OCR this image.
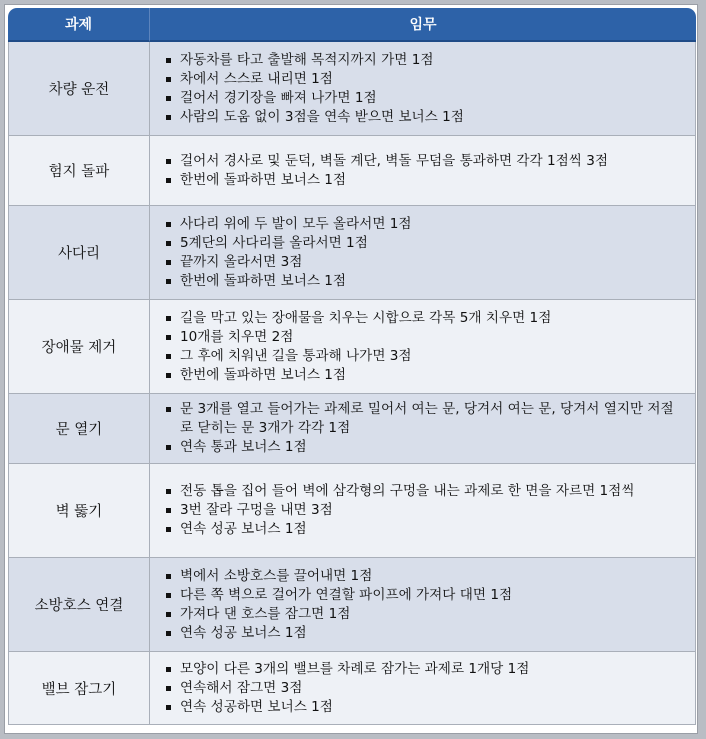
과제	임무
차량 운전
자동차를 타고 출발해 목적지까지 가면 1점
차에서 스스로 내리면 1점
걸어서 경기장을 빠져 나가면 1점
사람의 도움 없이 3점을 연속 받으면 보너스 1점
험지 돌파
걸어서 경사로 및 둔덕, 벽돌 계단, 벽돌 무덤을 통과하면 각각 1점씩 3점
한번에 돌파하면 보너스 1점
사다리
사다리 위에 두 발이 모두 올라서면 1점
5계단의 사다리를 올라서면 1점
끝까지 올라서면 3점
한번에 돌파하면 보너스 1점
장애물 제거
길을 막고 있는 장애물을 치우는 시합으로 각목 5개 치우면 1점
10개를 치우면 2점
그 후에 치워낸 길을 통과해 나가면 3점
한번에 돌파하면 보너스 1점
문 열기
문 3개를 열고 들어가는 과제로 밀어서 여는 문, 당겨서 여는 문, 당겨서 열지만 저절로 닫히는 문 3개가 각각 1점
연속 통과 보너스 1점
벽 뚫기
전동 톱을 집어 들어 벽에 삼각형의 구멍을 내는 과제로 한 면을 자르면 1점씩
3번 잘라 구멍을 내면 3점
연속 성공 보너스 1점
소방호스 연결
벽에서 소방호스를 끌어내면 1점
다른 쪽 벽으로 걸어가 연결할 파이프에 가져다 대면 1점
가져다 댄 호스를 잠그면 1점
연속 성공 보너스 1점
밸브 잠그기
모양이 다른 3개의 밸브를 차례로 잠가는 과제로 1개당 1점
연속해서 잠그면 3점
연속 성공하면 보너스 1점
